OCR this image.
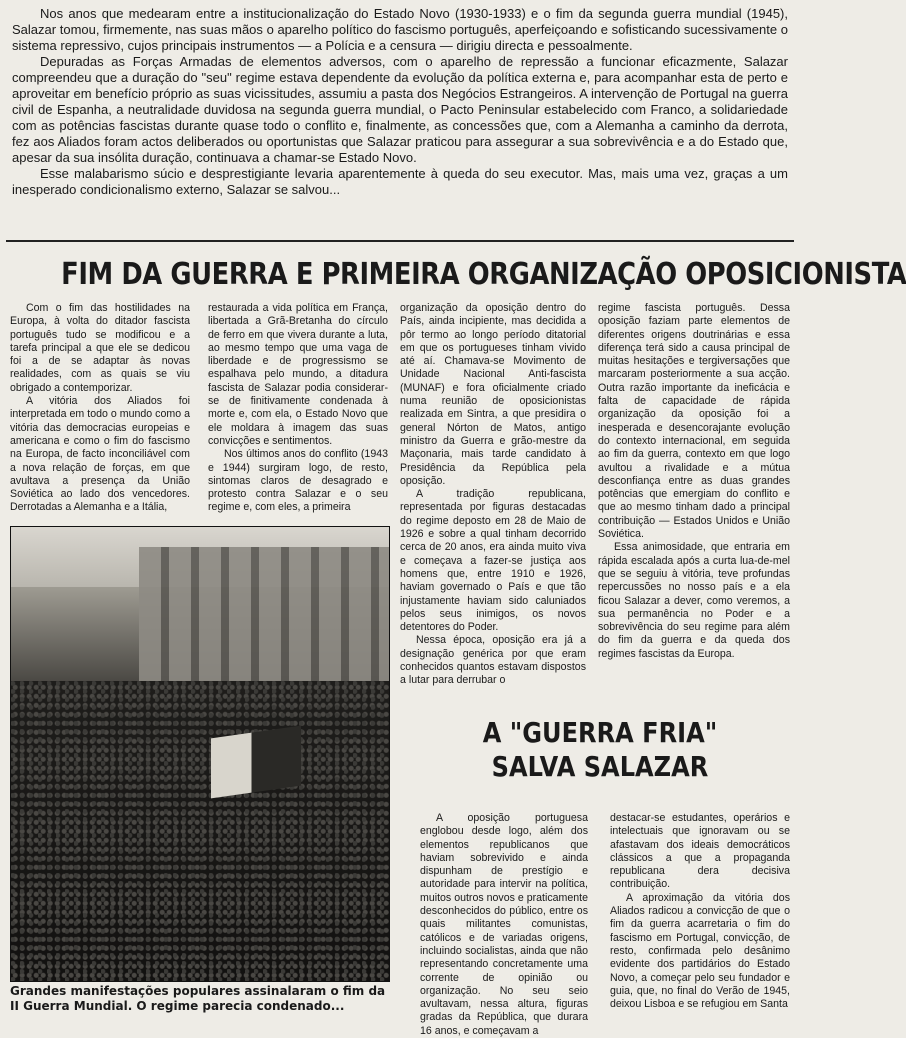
Nos anos que medearam entre a institucionalização do Estado Novo (1930-1933) e o fim da segunda guerra mundial (1945), Salazar tomou, firmemente, nas suas mãos o aparelho político do fascismo português, aperfeiçoando e sofisticando sucessivamente o sistema repressivo, cujos principais instrumentos — a Polícia e a censura — dirigiu directa e pessoalmente.

Depuradas as Forças Armadas de elementos adversos, com o aparelho de repressão a funcionar eficazmente, Salazar compreendeu que a duração do "seu" regime estava dependente da evolução da política externa e, para acompanhar esta de perto e aproveitar em benefício próprio as suas vicissitudes, assumiu a pasta dos Negócios Estrangeiros. A intervenção de Portugal na guerra civil de Espanha, a neutralidade duvidosa na segunda guerra mundial, o Pacto Peninsular estabelecido com Franco, a solidariedade com as potências fascistas durante quase todo o conflito e, finalmente, as concessões que, com a Alemanha a caminho da derrota, fez aos Aliados foram actos deliberados ou oportunistas que Salazar praticou para assegurar a sua sobrevivência e a do Estado que, apesar da sua insólita duração, continuava a chamar-se Estado Novo.

Esse malabarismo súcio e desprestigiante levaria aparentemente à queda do seu executor. Mas, mais uma vez, graças a um inesperado condicionalismo externo, Salazar se salvou...

FIM DA GUERRA E PRIMEIRA ORGANIZAÇÃO OPOSICIONISTA

Com o fim das hostilidades na Europa, à volta do ditador fascista português tudo se modificou e a tarefa principal a que ele se dedicou foi a de se adaptar às novas realidades, com as quais se viu obrigado a contemporizar.

A vitória dos Aliados foi interpretada em todo o mundo como a vitória das democracias europeias e americana e como o fim do fascismo na Europa, de facto inconciliável com a nova relação de forças, em que avultava a presença da União Soviética ao lado dos vencedores. Derrotadas a Alemanha e a Itália,

restaurada a vida política em França, libertada a Grã-Bretanha do círculo de ferro em que vivera durante a luta, ao mesmo tempo que uma vaga de liberdade e de progressismo se espalhava pelo mundo, a ditadura fascista de Salazar podia considerar-se de finitivamente condenada à morte e, com ela, o Estado Novo que ele moldara à imagem das suas convicções e sentimentos.

Nos últimos anos do conflito (1943 e 1944) surgiram logo, de resto, sintomas claros de desagrado e protesto contra Salazar e o seu regime e, com eles, a primeira

organização da oposição dentro do País, ainda incipiente, mas decidida a pôr termo ao longo período ditatorial em que os portugueses tinham vivido até aí. Chamava-se Movimento de Unidade Nacional Anti-fascista (MUNAF) e fora oficialmente criado numa reunião de oposicionistas realizada em Sintra, a que presidira o general Nórton de Matos, antigo ministro da Guerra e grão-mestre da Maçonaria, mais tarde candidato à Presidência da República pela oposição.

A tradição republicana, representada por figuras destacadas do regime deposto em 28 de Maio de 1926 e sobre a qual tinham decorrido cerca de 20 anos, era ainda muito viva e começava a fazer-se justiça aos homens que, entre 1910 e 1926, haviam governado o País e que tão injustamente haviam sido caluniados pelos seus inimigos, os novos detentores do Poder.

Nessa época, oposição era já a designação genérica por que eram conhecidos quantos estavam dispostos a lutar para derrubar o

regime fascista português. Dessa oposição faziam parte elementos de diferentes origens doutrinárias e essa diferença terá sido a causa principal de muitas hesitações e tergiversações que marcaram posteriormente a sua acção. Outra razão importante da ineficácia e falta de capacidade de rápida organização da oposição foi a inesperada e desencorajante evolução do contexto internacional, em seguida ao fim da guerra, contexto em que logo avultou a rivalidade e a mútua desconfiança entre as duas grandes potências que emergiam do conflito e que ao mesmo tinham dado a principal contribuição — Estados Unidos e União Soviética.

Essa animosidade, que entraria em rápida escalada após a curta lua-de-mel que se seguiu à vitória, teve profundas repercussões no nosso país e a ela ficou Salazar a dever, como veremos, a sua permanência no Poder e a sobrevivência do seu regime para além do fim da guerra e da queda dos regimes fascistas da Europa.

Grandes manifestações populares assinalaram o fim da II Guerra Mundial. O regime parecia condenado...

A "GUERRA FRIA"
SALVA SALAZAR

A oposição portuguesa englobou desde logo, além dos elementos republicanos que haviam sobrevivido e ainda dispunham de prestígio e autoridade para intervir na política, muitos outros novos e praticamente desconhecidos do público, entre os quais militantes comunistas, católicos e de variadas origens, incluindo socialistas, ainda que não representando concretamente uma corrente de opinião ou organização. No seu seio avultavam, nessa altura, figuras gradas da República, que durara 16 anos, e começavam a

destacar-se estudantes, operários e intelectuais que ignoravam ou se afastavam dos ideais democráticos clássicos a que a propaganda republicana dera decisiva contribuição.

A aproximação da vitória dos Aliados radicou a convicção de que o fim da guerra acarretaria o fim do fascismo em Portugal, convicção, de resto, confirmada pelo desânimo evidente dos partidários do Estado Novo, a começar pelo seu fundador e guia, que, no final do Verão de 1945, deixou Lisboa e se refugiou em Santa
